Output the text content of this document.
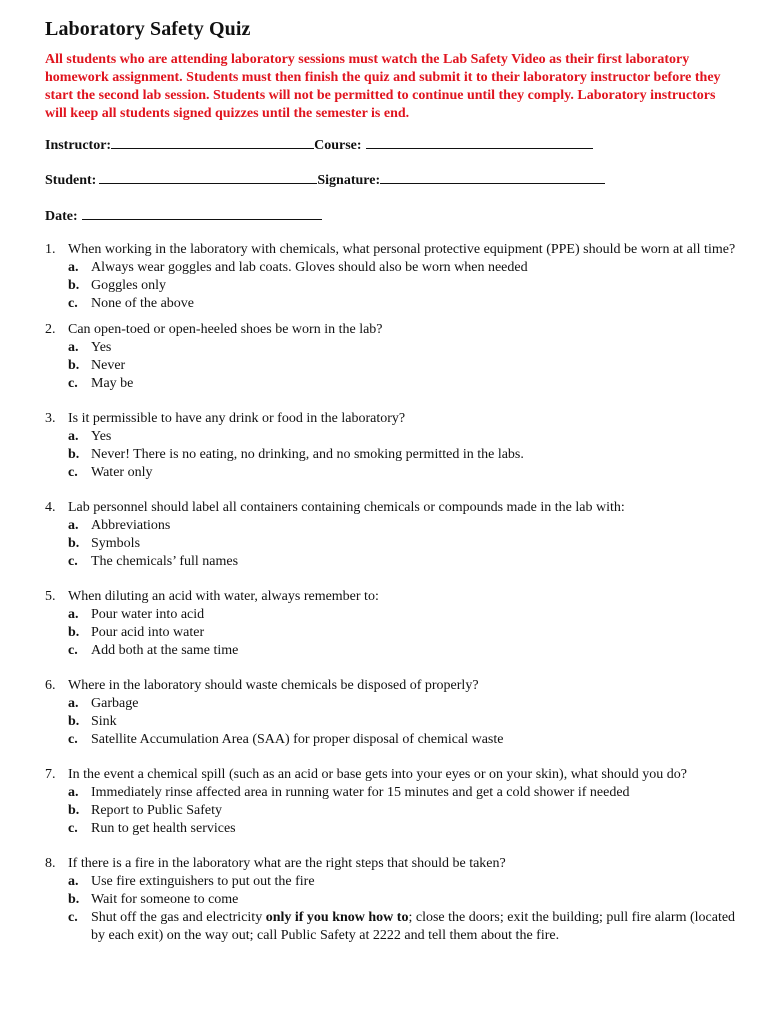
Laboratory Safety Quiz
All students who are attending laboratory sessions must watch the Lab Safety Video as their first laboratory homework assignment. Students must then finish the quiz and submit it to their laboratory instructor before they start the second lab session. Students will not be permitted to continue until they comply. Laboratory instructors will keep all students signed quizzes until the semester is end.
Instructor:	Course:
Student:	Signature:
Date:
1. When working in the laboratory with chemicals, what personal protective equipment (PPE) should be worn at all time?
a. Always wear goggles and lab coats. Gloves should also be worn when needed
b. Goggles only
c. None of the above
2. Can open-toed or open-heeled shoes be worn in the lab?
a. Yes
b. Never
c. May be
3. Is it permissible to have any drink or food in the laboratory?
a. Yes
b. Never! There is no eating, no drinking, and no smoking permitted in the labs.
c. Water only
4. Lab personnel should label all containers containing chemicals or compounds made in the lab with:
a. Abbreviations
b. Symbols
c. The chemicals’ full names
5. When diluting an acid with water, always remember to:
a. Pour water into acid
b. Pour acid into water
c. Add both at the same time
6. Where in the laboratory should waste chemicals be disposed of properly?
a. Garbage
b. Sink
c. Satellite Accumulation Area (SAA) for proper disposal of chemical waste
7. In the event a chemical spill (such as an acid or base gets into your eyes or on your skin), what should you do?
a. Immediately rinse affected area in running water for 15 minutes and get a cold shower if needed
b. Report to Public Safety
c. Run to get health services
8. If there is a fire in the laboratory what are the right steps that should be taken?
a. Use fire extinguishers to put out the fire
b. Wait for someone to come
c. Shut off the gas and electricity only if you know how to; close the doors; exit the building; pull fire alarm (located by each exit) on the way out; call Public Safety at 2222 and tell them about the fire.
